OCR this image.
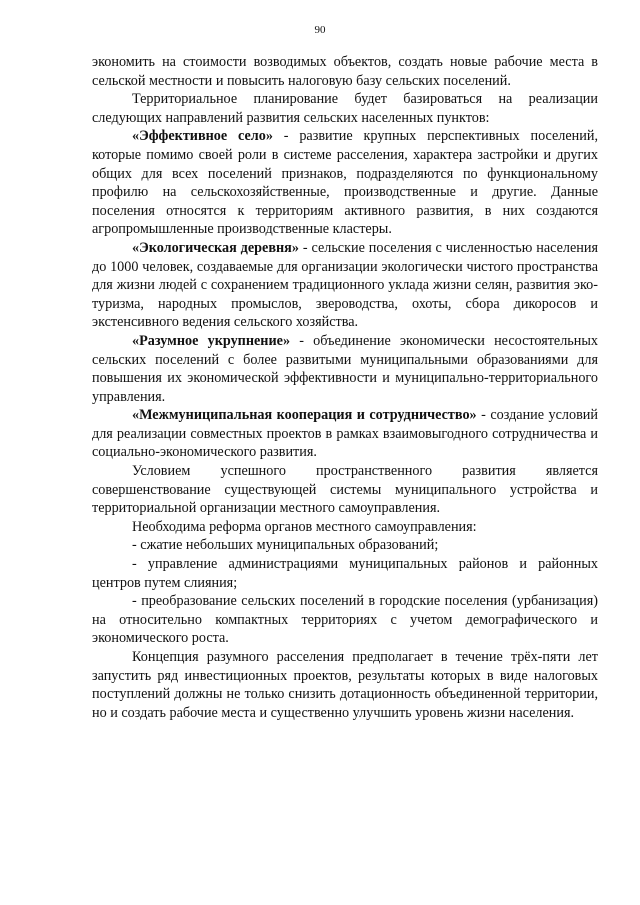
90

экономить на стоимости возводимых объектов, создать новые рабочие места в сельской местности и повысить налоговую базу сельских поселений.

Территориальное планирование будет базироваться на реализации следующих направлений развития сельских населенных пунктов:

«Эффективное село» - развитие крупных перспективных поселений, которые помимо своей роли в системе расселения, характера застройки и других общих для всех поселений признаков, подразделяются по функциональному профилю на сельскохозяйственные, производственные и другие. Данные поселения относятся к территориям активного развития, в них создаются агропромышленные производственные кластеры.

«Экологическая деревня» - сельские поселения с численностью населения до 1000 человек, создаваемые для организации экологически чистого пространства для жизни людей с сохранением традиционного уклада жизни селян, развития эко-туризма, народных промыслов, звероводства, охоты, сбора дикоросов и экстенсивного ведения сельского хозяйства.

«Разумное укрупнение» - объединение экономически несостоятельных сельских поселений с более развитыми муниципальными образованиями для повышения их экономической эффективности и муниципально-территориального управления.

«Межмуниципальная кооперация и сотрудничество» - создание условий для реализации совместных проектов в рамках взаимовыгодного сотрудничества и социально-экономического развития.

Условием успешного пространственного развития является совершенствование существующей системы муниципального устройства и территориальной организации местного самоуправления.

Необходима реформа органов местного самоуправления:

- сжатие небольших муниципальных образований;

- управление администрациями муниципальных районов и районных центров путем слияния;

- преобразование сельских поселений в городские поселения (урбанизация) на относительно компактных территориях с учетом демографического и экономического роста.

Концепция разумного расселения предполагает в течение трёх-пяти лет запустить ряд инвестиционных проектов, результаты которых в виде налоговых поступлений должны не только снизить дотационность объединенной территории, но и создать рабочие места и существенно улучшить уровень жизни населения.
